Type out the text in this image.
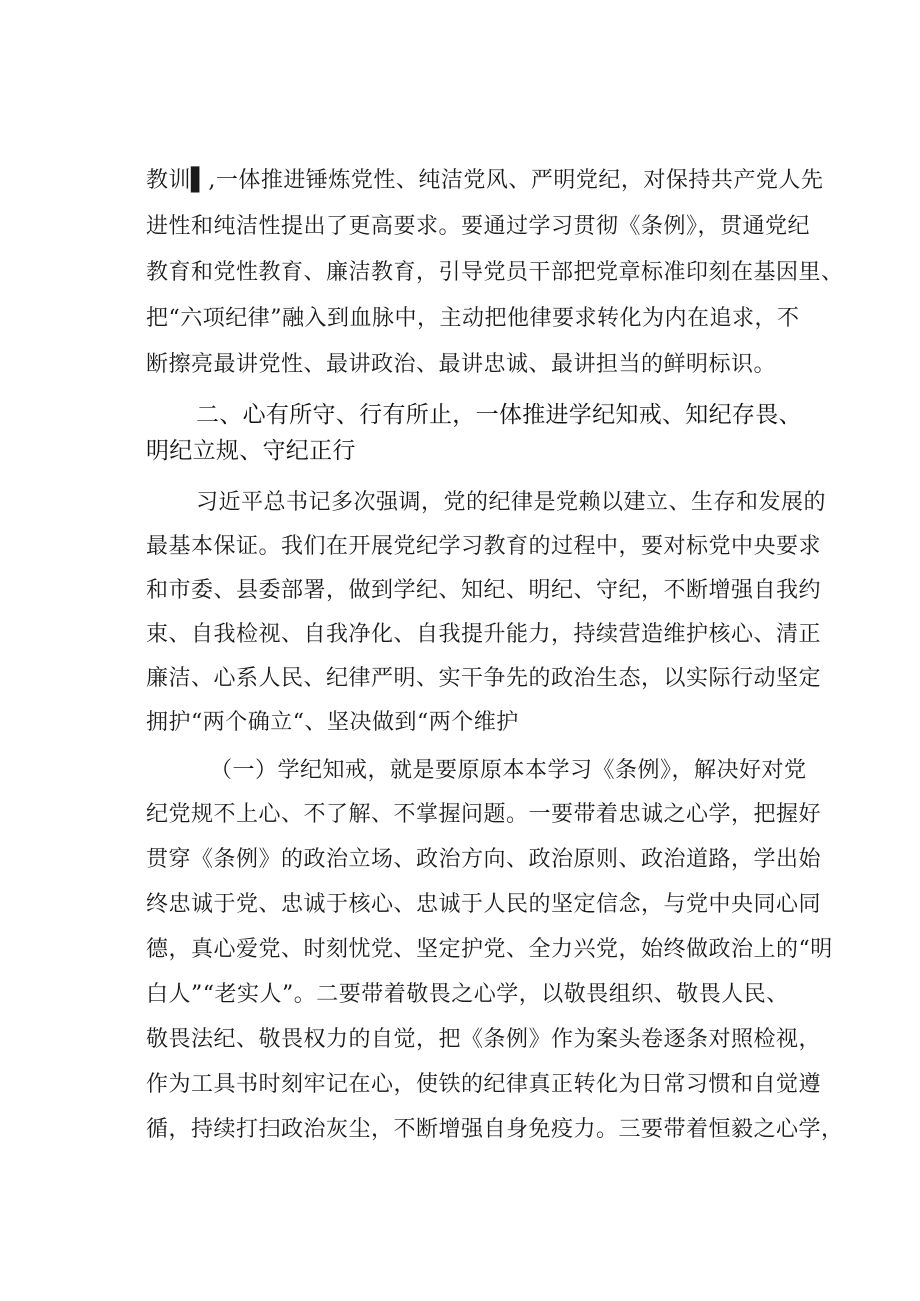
教训▌,一体推进锤炼党性、纯洁党风、严明党纪，对保持共产党人先
进性和纯洁性提出了更高要求。要通过学习贯彻《条例》，贯通党纪
教育和党性教育、廉洁教育，引导党员干部把党章标准印刻在基因里、
把“六项纪律”融入到血脉中，主动把他律要求转化为内在追求，不
断擦亮最讲党性、最讲政治、最讲忠诚、最讲担当的鲜明标识。
二、心有所守、行有所止，一体推进学纪知戒、知纪存畏、
明纪立规、守纪正行
习近平总书记多次强调，党的纪律是党赖以建立、生存和发展的
最基本保证。我们在开展党纪学习教育的过程中，要对标党中央要求
和市委、县委部署，做到学纪、知纪、明纪、守纪，不断增强自我约
束、自我检视、自我净化、自我提升能力，持续营造维护核心、清正
廉洁、心系人民、纪律严明、实干争先的政治生态，以实际行动坚定
拥护“两个确立“、坚决做到“两个维护
（一）学纪知戒，就是要原原本本学习《条例》，解决好对党
纪党规不上心、不了解、不掌握问题。一要带着忠诚之心学，把握好
贯穿《条例》的政治立场、政治方向、政治原则、政治道路，学出始
终忠诚于党、忠诚于核心、忠诚于人民的坚定信念，与党中央同心同
德，真心爱党、时刻忧党、坚定护党、全力兴党，始终做政治上的“明
白人”“老实人”。二要带着敬畏之心学，以敬畏组织、敬畏人民、
敬畏法纪、敬畏权力的自觉，把《条例》作为案头卷逐条对照检视，
作为工具书时刻牢记在心，使铁的纪律真正转化为日常习惯和自觉遵
循，持续打扫政治灰尘，不断增强自身免疫力。三要带着恒毅之心学，
